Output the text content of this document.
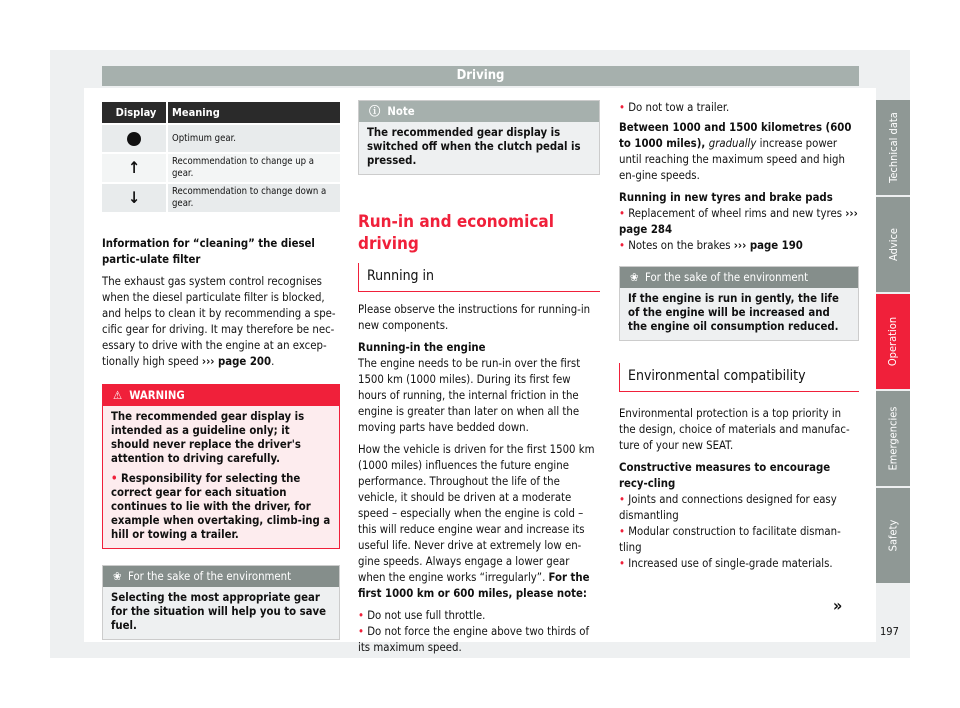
Driving
Display	Meaning
	Optimum gear.
↑	Recommendation to change up a gear.
↓	Recommendation to change down a gear.

Information for “cleaning” the diesel partic-ulate filter

The exhaust gas system control recognises when the diesel particulate filter is blocked, and helps to clean it by recommending a spe-cific gear for driving. It may therefore be nec-essary to drive with the engine at an excep-tionally high speed ››› page 200.

⚠ WARNING

The recommended gear display is intended as a guideline only; it should never replace the driver's attention to driving carefully.

• Responsibility for selecting the correct gear for each situation continues to lie with the driver, for example when overtaking, climb-ing a hill or towing a trailer.

❀ For the sake of the environment
Selecting the most appropriate gear for the situation will help you to save fuel.
ⓘ Note
The recommended gear display is switched off when the clutch pedal is pressed.
Run-in and economical driving
Running in

Please observe the instructions for running-in new components.

Running-in the engine

The engine needs to be run-in over the first 1500 km (1000 miles). During its first few hours of running, the internal friction in the engine is greater than later on when all the moving parts have bedded down.

How the vehicle is driven for the first 1500 km (1000 miles) influences the future engine performance. Throughout the life of the vehicle, it should be driven at a moderate speed – especially when the engine is cold – this will reduce engine wear and increase its useful life. Never drive at extremely low en-gine speeds. Always engage a lower gear when the engine works “irregularly”. For the first 1000 km or 600 miles, please note:

• Do not use full throttle.

• Do not force the engine above two thirds of its maximum speed.

• Do not tow a trailer.

Between 1000 and 1500 kilometres (600 to 1000 miles), gradually increase power until reaching the maximum speed and high en-gine speeds.

Running in new tyres and brake pads

• Replacement of wheel rims and new tyres ››› page 284

• Notes on the brakes ››› page 190

❀ For the sake of the environment
If the engine is run in gently, the life of the engine will be increased and the engine oil consumption reduced.
Environmental compatibility

Environmental protection is a top priority in the design, choice of materials and manufac-ture of your new SEAT.

Constructive measures to encourage recy-cling

• Joints and connections designed for easy dismantling

• Modular construction to facilitate disman-tling

• Increased use of single-grade materials.

»
Technical data
Advice
Operation
Emergencies
Safety
197
